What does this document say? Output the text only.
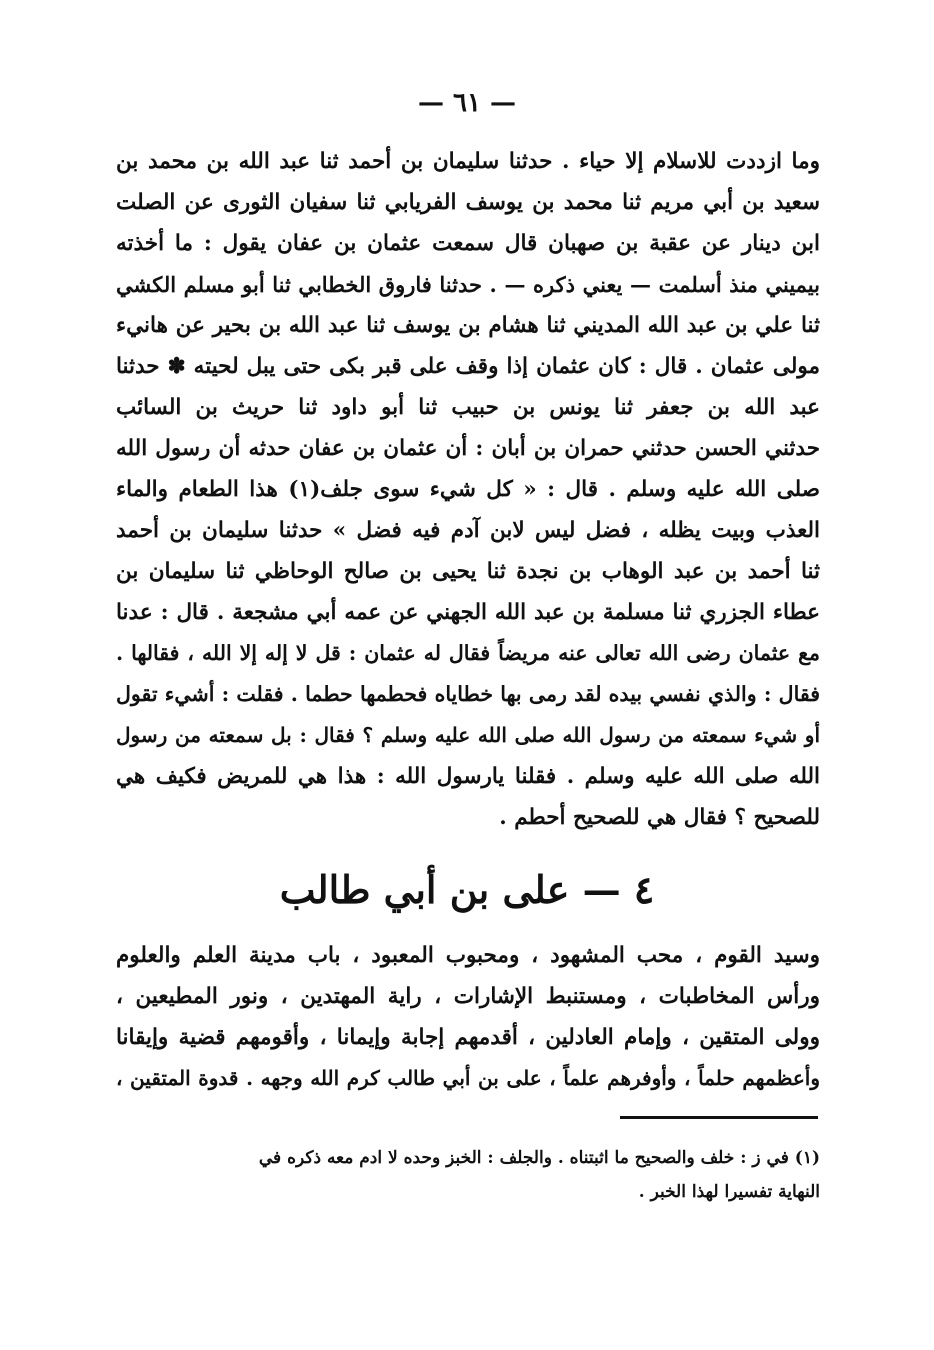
— ٦١ —
وما ازددت للاسلام إلا حياء . حدثنا سليمان بن أحمد ثنا عبد الله بن محمد بن
سعيد بن أبي مريم ثنا محمد بن يوسف الفريابي ثنا سفيان الثورى عن الصلت
ابن دينار عن عقبة بن صهبان قال سمعت عثمان بن عفان يقول : ما أخذته
بيميني منذ أسلمت — يعني ذكره — . حدثنا فاروق الخطابي ثنا أبو مسلم الكشي
ثنا علي بن عبد الله المديني ثنا هشام بن يوسف ثنا عبد الله بن بحير عن هانيء
مولى عثمان . قال : كان عثمان إذا وقف على قبر بكى حتى يبل لحيته ✽ حدثنا
عبد الله بن جعفر ثنا يونس بن حبيب ثنا أبو داود ثنا حريث بن السائب
حدثني الحسن حدثني حمران بن أبان : أن عثمان بن عفان حدثه أن رسول الله
صلى الله عليه وسلم . قال : « كل شيء سوى جلف(١) هذا الطعام والماء
العذب وبيت يظله ، فضل ليس لابن آدم فيه فضل » حدثنا سليمان بن أحمد
ثنا أحمد بن عبد الوهاب بن نجدة ثنا يحيى بن صالح الوحاظي ثنا سليمان بن
عطاء الجزري ثنا مسلمة بن عبد الله الجهني عن عمه أبي مشجعة . قال : عدنا
مع عثمان رضى الله تعالى عنه مريضاً فقال له عثمان : قل لا إله إلا الله ، فقالها .
فقال : والذي نفسي بيده لقد رمى بها خطاياه فحطمها حطما . فقلت : أشيء تقول
أو شيء سمعته من رسول الله صلى الله عليه وسلم ؟ فقال : بل سمعته من رسول
الله صلى الله عليه وسلم . فقلنا يارسول الله : هذا هي للمريض فكيف هي
للصحيح ؟ فقال هي للصحيح أحطم .
٤ — على بن أبي طالب
وسيد القوم ، محب المشهود ، ومحبوب المعبود ، باب مدينة العلم والعلوم
ورأس المخاطبات ، ومستنبط الإشارات ، راية المهتدين ، ونور المطيعين ،
وولى المتقين ، وإمام العادلين ، أقدمهم إجابة وإيمانا ، وأقومهم قضية وإيقانا
وأعظمهم حلماً ، وأوفرهم علماً ، على بن أبي طالب كرم الله وجهه . قدوة المتقين ،
(١) في ز : خلف والصحيح ما اثبتناه . والجلف : الخبز وحده لا ادم معه ذكره في
النهاية تفسيرا لهذا الخبر .
